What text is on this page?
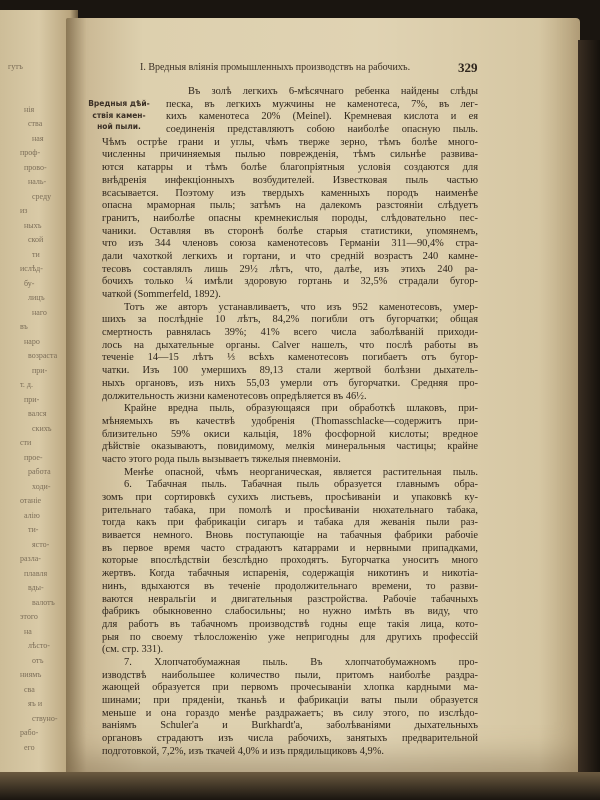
гутъ
нія
ства
ная
проф-
прово-
наль-
среду
из
ныхъ
ской
ти
ислѣд-
бу-
лицъ
наго
въ
наро
возраста
при-
т. д.
при-
вался
скихъ
сти
прое-
работа
ходи-
отаніе
алію
ти-
ясто-
разла-
плавля
вды-
валотъ
этого
на
лѣсто-
отъ
ниямъ
сва
яъ и
ствуно-
рабо-
его
I. Вредныя вліянія промышленныхъ производствъ на рабочихъ.	329
Вредныя дѣй-
ствія камен-
ной пыли.
Въ золѣ легкихъ 6-мѣсячнаго ребенка найдены слѣды
песка, въ легкихъ мужчины не каменотеса, 7%, въ лег-
кихъ каменотеса 20% (Meinel). Кремневая кислота и ея
соединенія представляютъ собою наиболѣе опасную пыль.
Чѣмъ острѣе грани и углы, чѣмъ тверже зерно, тѣмъ болѣе много-
численны причиняемыя пылью поврежденія, тѣмъ сильнѣе развива-
ются катарры и тѣмъ болѣе благопріятныя условія создаются для
внѣдренія инфекціонныхъ возбудителей. Известковая пыль частью
всасывается. Поэтому изъ твердыхъ каменныхъ породъ наименѣе
опасна мраморная пыль; затѣмъ на далекомъ разстояніи слѣдуетъ
гранитъ, наиболѣе опасны кремнекислыя породы, слѣдовательно пес-
чаники. Оставляя въ сторонѣ болѣе старыя статистики, упомянемъ,
что изъ 344 членовъ союза каменотесовъ Германіи 311—90,4% стра-
дали чахоткой легкихъ и гортани, и что средній возрастъ 240 камне-
тесовъ составлялъ лишь 29½ лѣтъ, что, далѣе, изъ этихъ 240 ра-
бочихъ только ¼ имѣли здоровую гортань и 32,5% страдали бугор-
чаткой (Sommerfeld, 1892).
Тотъ же авторъ устанавливаетъ, что изъ 952 каменотесовъ, умер-
шихъ за послѣдніе 10 лѣтъ, 84,2% погибли отъ бугорчатки; общая
смертность равнялась 39%; 41% всего числа заболѣваній приходи-
лось на дыхательные органы. Calver нашелъ, что послѣ работы въ
теченіе 14—15 лѣтъ ⅓ всѣхъ каменотесовъ погибаетъ отъ бугор-
чатки. Изъ 100 умершихъ 89,13 стали жертвой болѣзни дыхатель-
ныхъ органовъ, изъ нихъ 55,03 умерли отъ бугорчатки. Средняя про-
должительность жизни каменотесовъ опредѣляется въ 46½.
Крайне вредна пыль, образующаяся при обработкѣ шлаковъ, при-
мѣняемыхъ въ качествѣ удобренія (Thomasschlacke—содержитъ при-
близительно 59% окиси кальція, 18% фосфорной кислоты; вредное
дѣйствіе оказываютъ, повидимому, мелкія минеральныя частицы; крайне
часто этого рода пыль вызываетъ тяжелыя пневмоніи.
Менѣе опасной, чѣмъ неорганическая, является растительная пыль.
6. Табачная пыль. Табачная пыль образуется главнымъ обра-
зомъ при сортировкѣ сухихъ листьевъ, просѣиваніи и упаковкѣ ку-
рительнаго табака, при помолѣ и просѣиваніи нюхательнаго табака,
тогда какъ при фабрикаціи сигаръ и табака для жеванія пыли раз-
вивается немного. Вновь поступающіе на табачныя фабрики рабочіе
въ первое время часто страдаютъ катаррами и нервными припадками,
которые впослѣдствіи безслѣдно проходятъ. Бугорчатка уноситъ много
жертвъ. Когда табачныя испаренія, содержащія никотинъ и никотіа-
нинъ, вдыхаются въ теченіе продолжительнаго времени, то разви-
ваются невральгіи и двигательныя разстройства. Рабочіе табачныхъ
фабрикъ обыкновенно слабосильны; но нужно имѣть въ виду, что
для работъ въ табачномъ производствѣ годны еще такія лица, кото-
рыя по своему тѣлосложенію уже непригодны для другихъ профессій
(см. стр. 331).
7. Хлопчатобумажная пыль. Въ хлопчатобумажномъ про-
изводствѣ наибольшее количество пыли, притомъ наиболѣе раздра-
жающей образуется при первомъ прочесываніи хлопка кардными ма-
шинами; при прядeніи, тканьѣ и фабрикаціи ваты пыли образуется
меньше и она гораздо менѣе раздражаетъ; въ силу этого, по изслѣдо-
ваніямъ Schuler'a и Burkhardt'a, заболѣваніями дыхательныхъ
органовъ страдаютъ изъ числа рабочихъ, занятыхъ предварительной
подготовкой, 7,2%, изъ ткачей 4,0% и изъ прядильщиковъ 4,9%.
